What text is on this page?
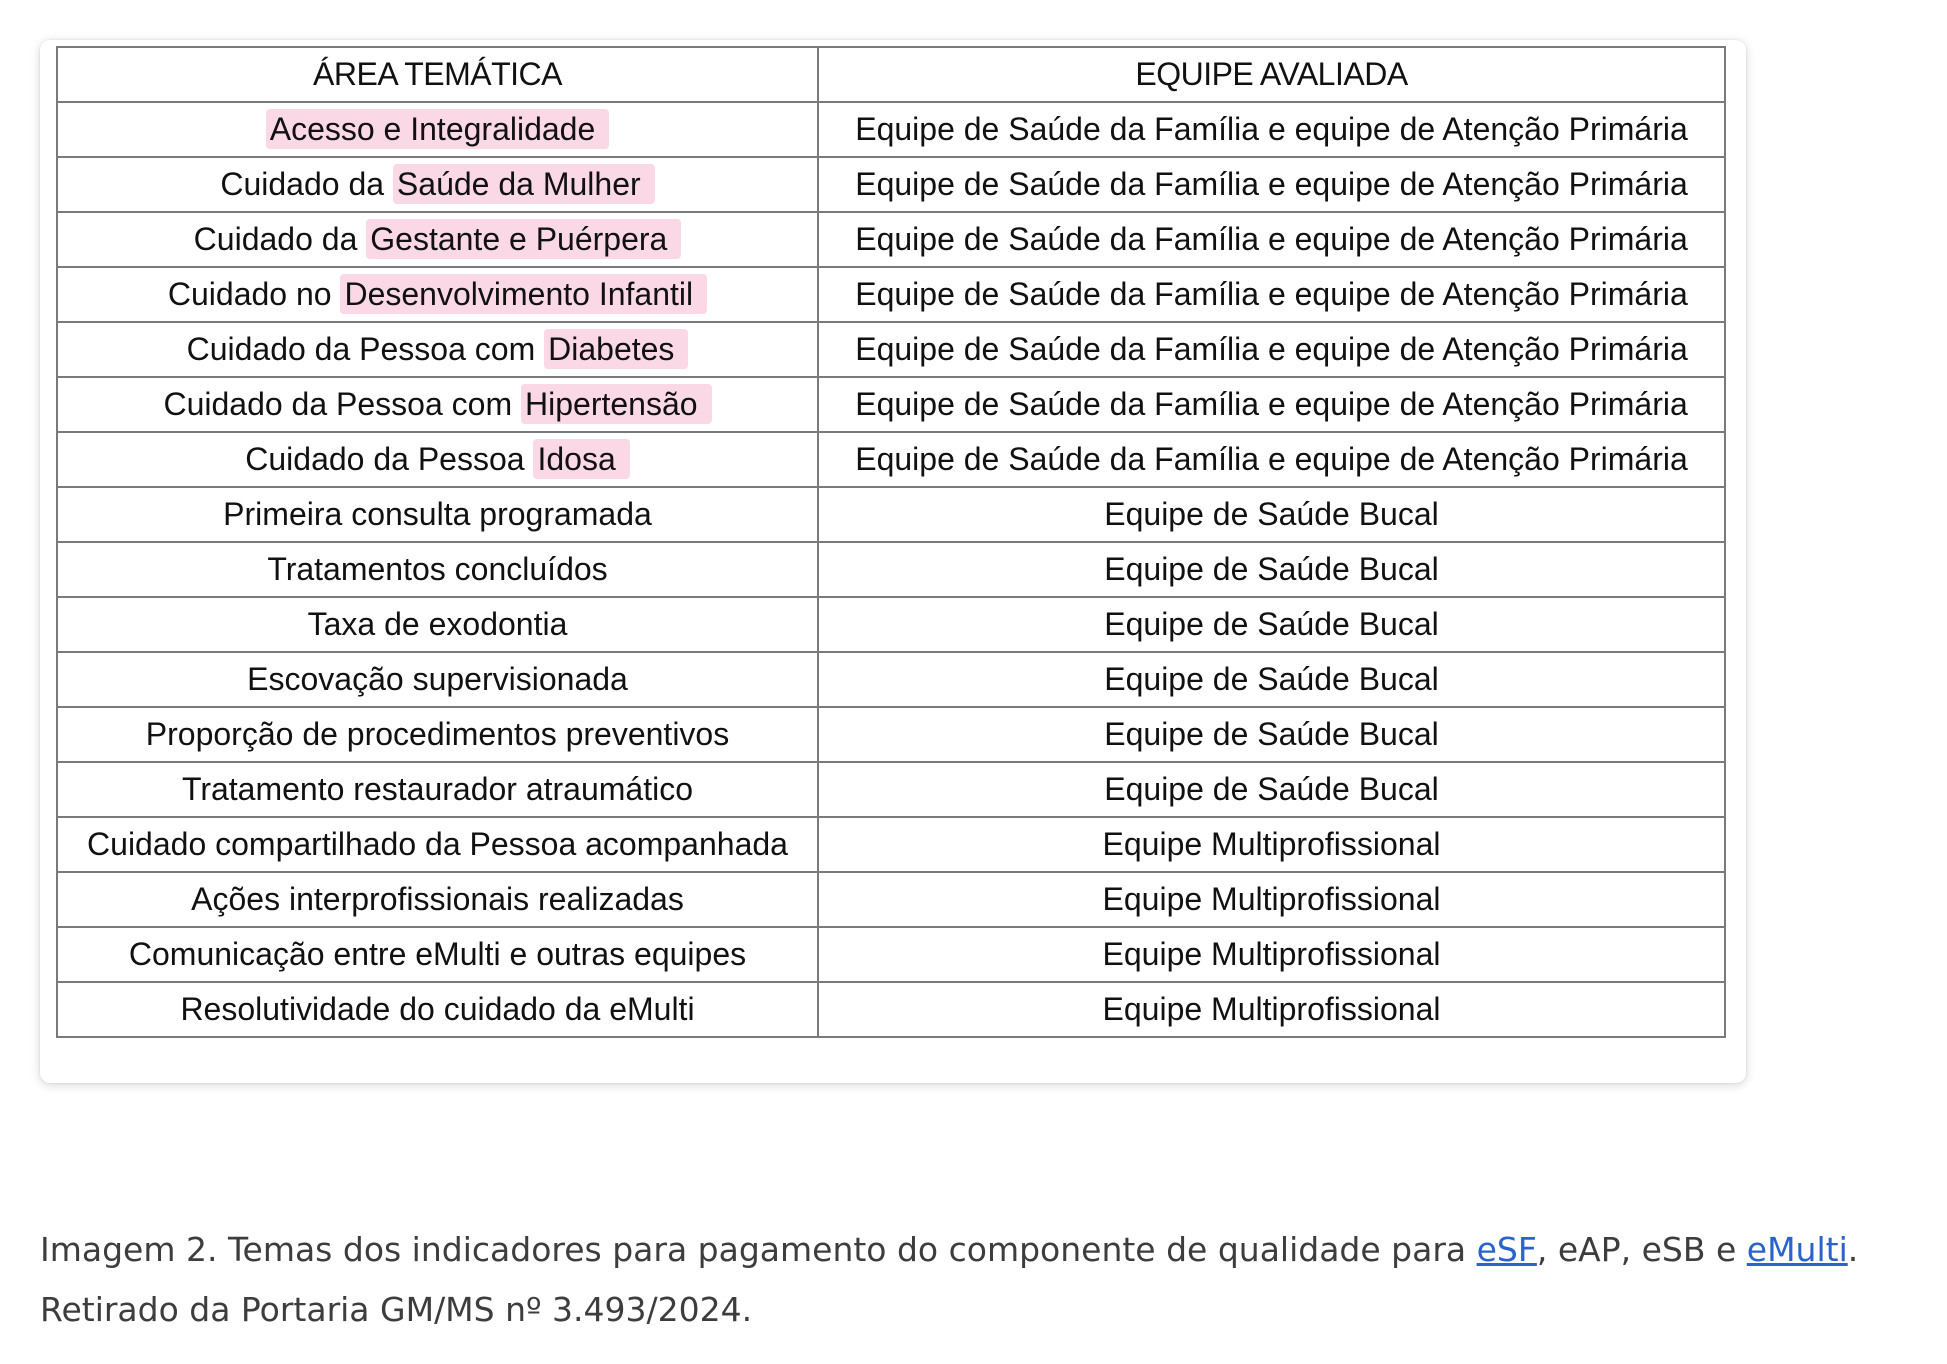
ÁREA TEMÁTICA	EQUIPE AVALIADA
Acesso e Integralidade	Equipe de Saúde da Família e equipe de Atenção Primária
Cuidado da Saúde da Mulher	Equipe de Saúde da Família e equipe de Atenção Primária
Cuidado da Gestante e Puérpera	Equipe de Saúde da Família e equipe de Atenção Primária
Cuidado no Desenvolvimento Infantil	Equipe de Saúde da Família e equipe de Atenção Primária
Cuidado da Pessoa com Diabetes	Equipe de Saúde da Família e equipe de Atenção Primária
Cuidado da Pessoa com Hipertensão	Equipe de Saúde da Família e equipe de Atenção Primária
Cuidado da Pessoa Idosa	Equipe de Saúde da Família e equipe de Atenção Primária
Primeira consulta programada	Equipe de Saúde Bucal
Tratamentos concluídos	Equipe de Saúde Bucal
Taxa de exodontia	Equipe de Saúde Bucal
Escovação supervisionada	Equipe de Saúde Bucal
Proporção de procedimentos preventivos	Equipe de Saúde Bucal
Tratamento restaurador atraumático	Equipe de Saúde Bucal
Cuidado compartilhado da Pessoa acompanhada	Equipe Multiprofissional
Ações interprofissionais realizadas	Equipe Multiprofissional
Comunicação entre eMulti e outras equipes	Equipe Multiprofissional
Resolutividade do cuidado da eMulti	Equipe Multiprofissional

Imagem 2. Temas dos indicadores para pagamento do componente de qualidade para eSF, eAP, eSB e eMulti.
Retirado da Portaria GM/MS nº 3.493/2024.
